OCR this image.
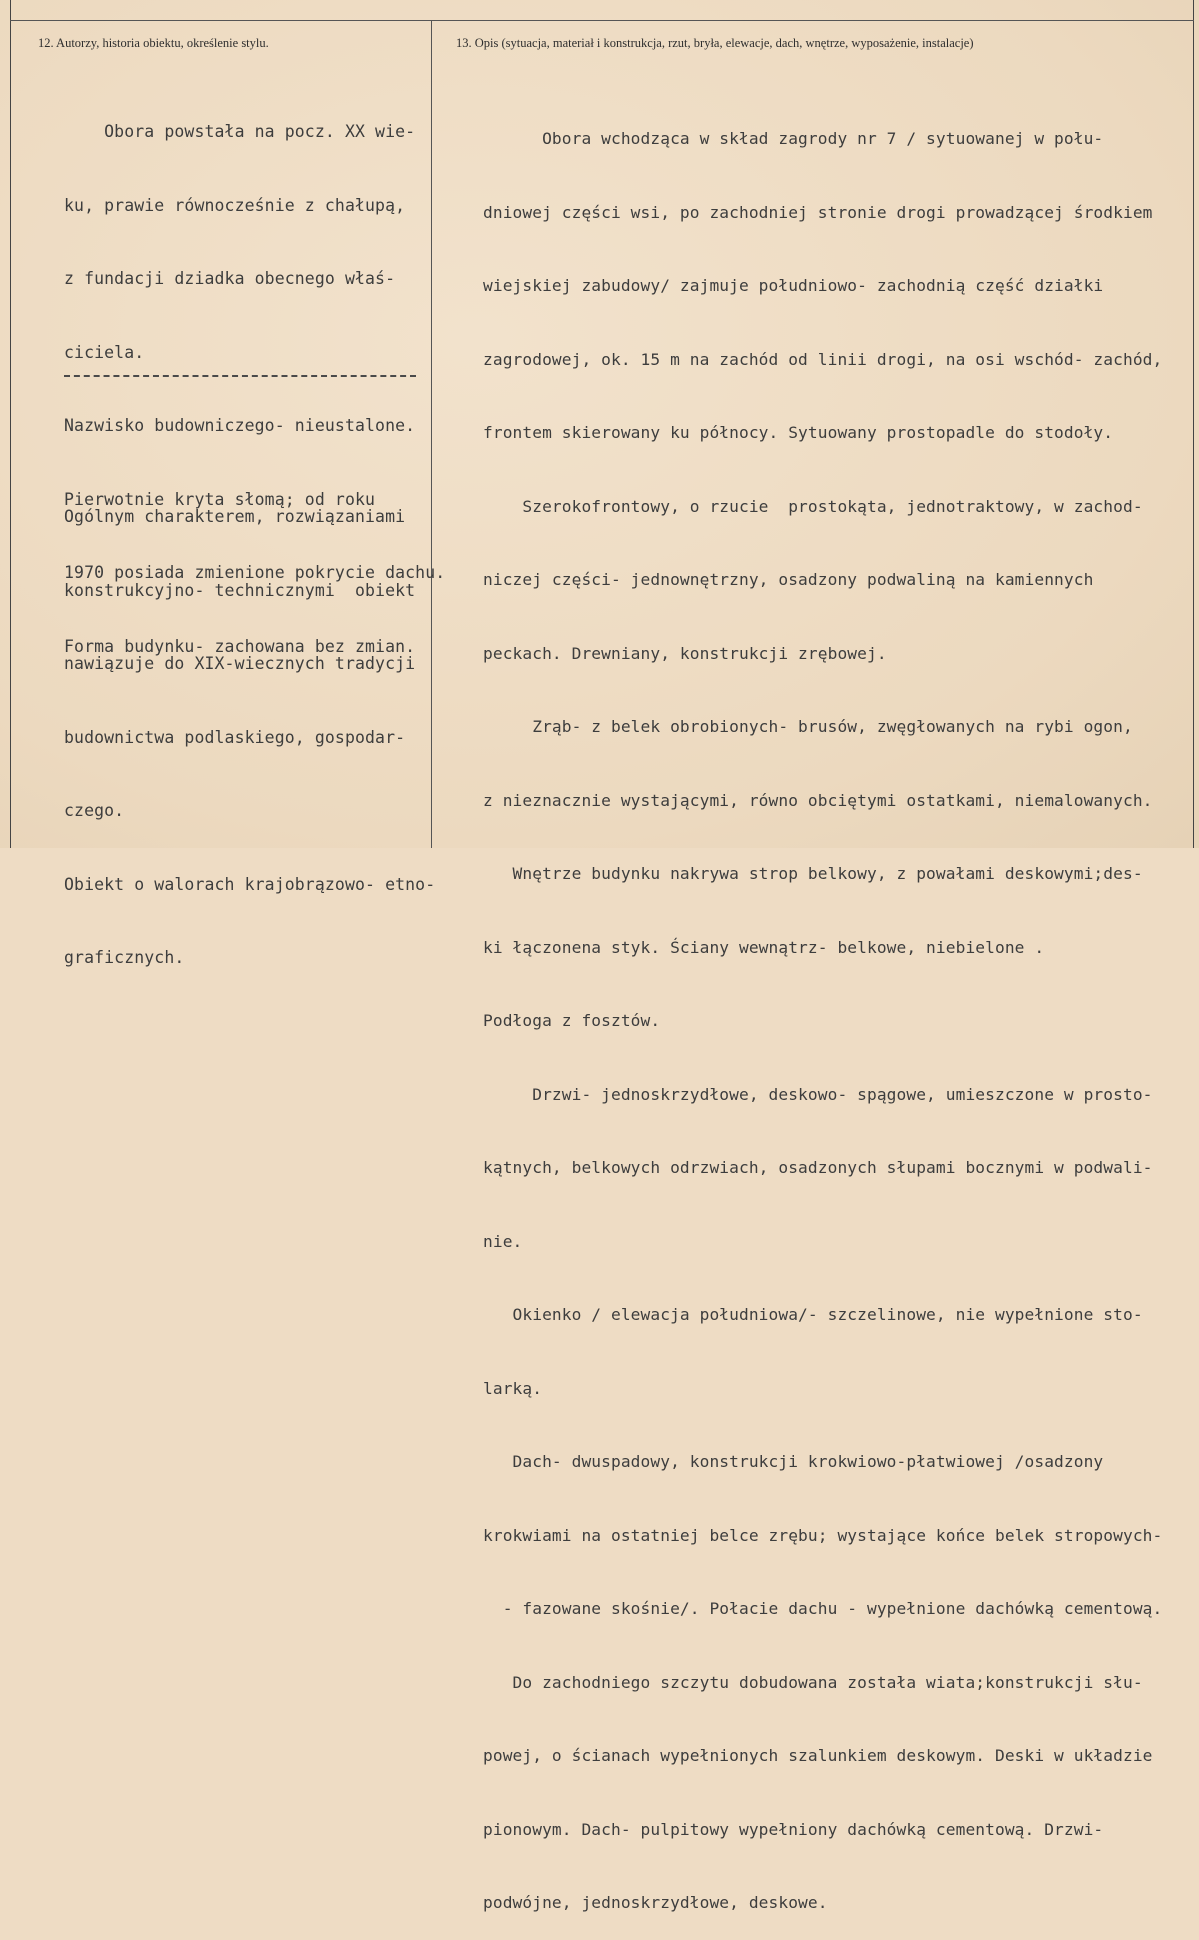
12. Autorzy, historia obiektu, określenie stylu.	13. Opis (sytuacja, materiał i konstrukcja, rzut, bryła, elewacje, dach, wnętrze, wyposażenie, instalacje)

Obora powstała na pocz. XX wie-

ku, prawie równocześnie z chałupą,

z fundacji dziadka obecnego właś-

ciciela.

Nazwisko budowniczego- nieustalone.

Pierwotnie kryta słomą; od roku

1970 posiada zmienione pokrycie dachu.

Forma budynku- zachowana bez zmian.

Ogólnym charakterem, rozwiązaniami

konstrukcyjno- technicznymi  obiekt

nawiązuje do XIX-wiecznych tradycji

budownictwa podlaskiego, gospodar-

czego.

Obiekt o walorach krajobrązowo- etno-

graficznych.

Obora wchodząca w skład zagrody nr 7 / sytuowanej w połu-

dniowej części wsi, po zachodniej stronie drogi prowadzącej środkiem

wiejskiej zabudowy/ zajmuje południowo- zachodnią część działki

zagrodowej, ok. 15 m na zachód od linii drogi, na osi wschód- zachód,

frontem skierowany ku północy. Sytuowany prostopadle do stodoły.

Szerokofrontowy, o rzucie  prostokąta, jednotraktowy, w zachod-

niczej części- jednownętrzny, osadzony podwaliną na kamiennych

peckach. Drewniany, konstrukcji zrębowej.

Zrąb- z belek obrobionych- brusów, zwęgłowanych na rybi ogon,

z nieznacznie wystającymi, równo obciętymi ostatkami, niemalowanych.

Wnętrze budynku nakrywa strop belkowy, z powałami deskowymi;des-

ki łączonena styk. Ściany wewnątrz- belkowe, niebielone .

Podłoga z fosztów.

Drzwi- jednoskrzydłowe, deskowo- spągowe, umieszczone w prosto-

kątnych, belkowych odrzwiach, osadzonych słupami bocznymi w podwali-

nie.

Okienko / elewacja południowa/- szczelinowe, nie wypełnione sto-

larką.

Dach- dwuspadowy, konstrukcji krokwiowo-płatwiowej /osadzony

krokwiami na ostatniej belce zrębu; wystające końce belek stropowych-

- fazowane skośnie/. Połacie dachu - wypełnione dachówką cementową.

Do zachodniego szczytu dobudowana została wiata;konstrukcji słu-

powej, o ścianach wypełnionych szalunkiem deskowym. Deski w układzie

pionowym. Dach- pulpitowy wypełniony dachówką cementową. Drzwi-

podwójne, jednoskrzydłowe, deskowe.
